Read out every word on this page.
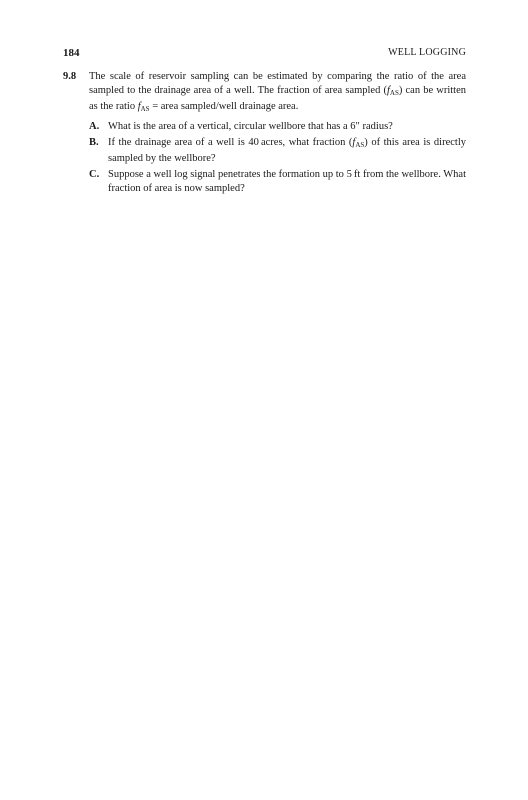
184	WELL LOGGING
9.8	The scale of reservoir sampling can be estimated by comparing the ratio of the area sampled to the drainage area of a well. The fraction of area sampled $(f_{AS})$ can be written as the ratio $f_{AS}$ = area sampled/well drainage area.
A. What is the area of a vertical, circular wellbore that has a 6″ radius?
B. If the drainage area of a well is 40 acres, what fraction $(f_{AS})$ of this area is directly sampled by the wellbore?
C. Suppose a well log signal penetrates the formation up to 5 ft from the wellbore. What fraction of area is now sampled?
